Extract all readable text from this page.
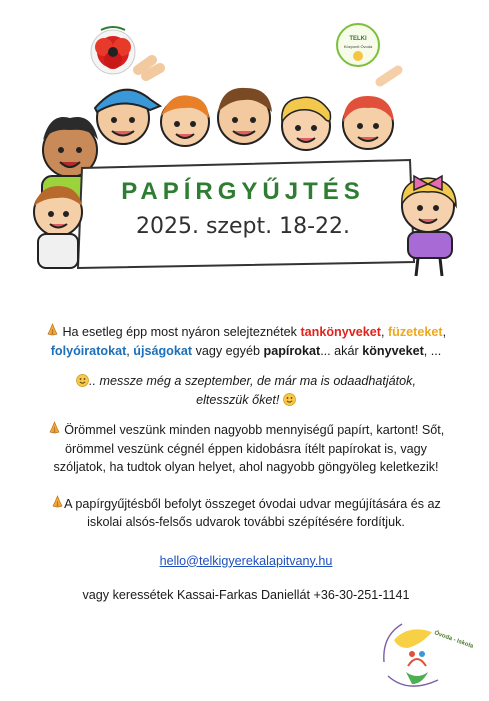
TELKI
Központi Óvoda
PAPÍRGYŰJTÉS
2025. szept. 18-22.

Ha esetleg épp most nyáron selejteznétek tankönyveket, füzeteket, folyóiratokat, újságokat vagy egyéb papírokat... akár könyveket, ...

.. messze még a szeptember, de már ma is odaadhatjátok,
eltesszük őket!

Örömmel veszünk minden nagyobb mennyiségű papírt, kartont! Sőt, örömmel veszünk cégnél éppen kidobásra ítélt papírokat is, vagy szóljatok, ha tudtok olyan helyet, ahol nagyobb göngyöleg keletkezik!

A papírgyűjtésből befolyt összeget óvodai udvar megújítására és az iskolai alsós-felsős udvarok további szépítésére fordítjuk.

hello@telkigyerekalapitvany.hu

vagy keressétek Kassai-Farkas Daniellát +36-30-251-1141

Óvoda - Iskola
